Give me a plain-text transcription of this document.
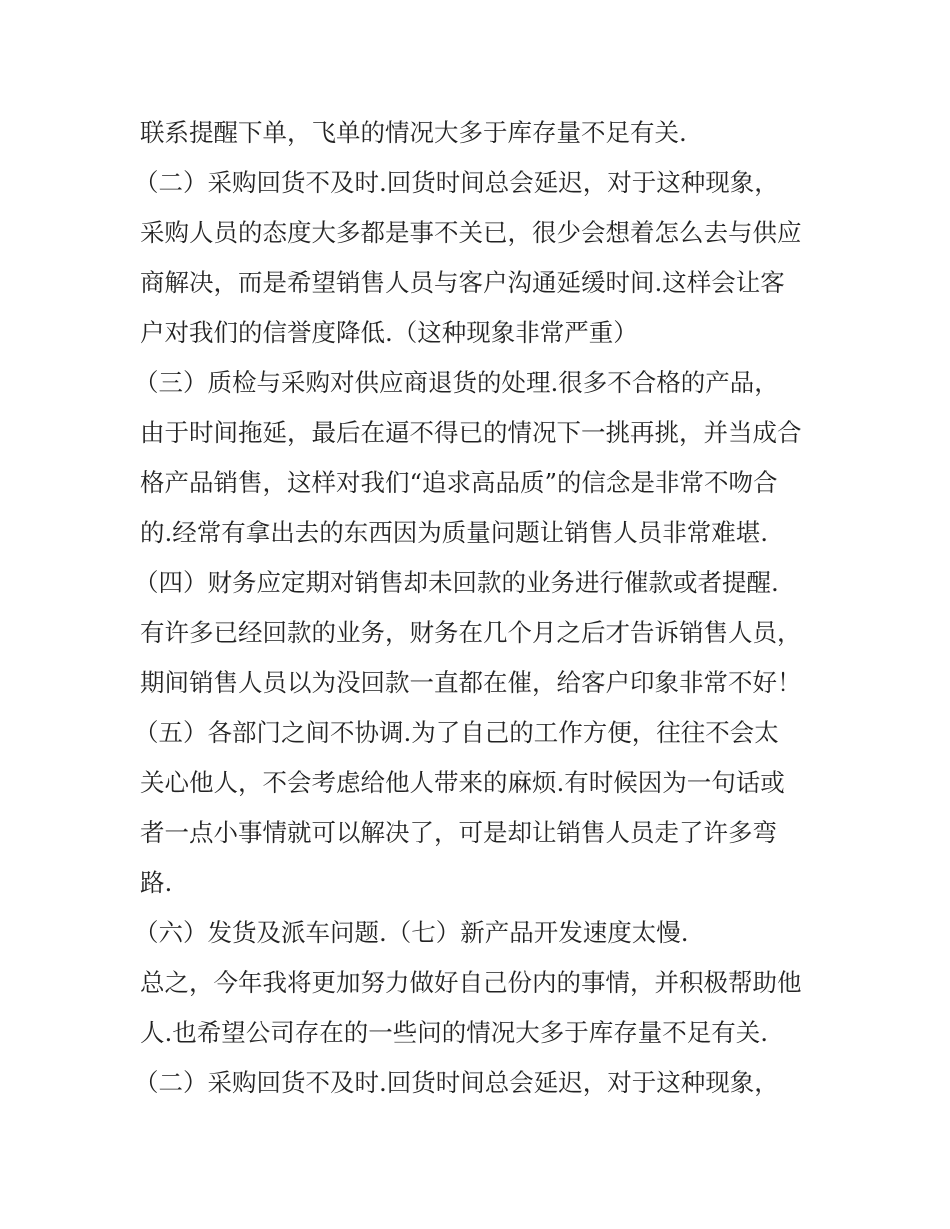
联系提醒下单，飞单的情况大多于库存量不足有关.
（二）采购回货不及时.回货时间总会延迟，对于这种现象，
采购人员的态度大多都是事不关已，很少会想着怎么去与供应
商解决，而是希望销售人员与客户沟通延缓时间.这样会让客
户对我们的信誉度降低.（这种现象非常严重）
（三）质检与采购对供应商退货的处理.很多不合格的产品，
由于时间拖延，最后在逼不得已的情况下一挑再挑，并当成合
格产品销售，这样对我们“追求高品质”的信念是非常不吻合
的.经常有拿出去的东西因为质量问题让销售人员非常难堪.
（四）财务应定期对销售却未回款的业务进行催款或者提醒.
有许多已经回款的业务，财务在几个月之后才告诉销售人员，
期间销售人员以为没回款一直都在催，给客户印象非常不好！
（五）各部门之间不协调.为了自己的工作方便，往往不会太
关心他人，不会考虑给他人带来的麻烦.有时候因为一句话或
者一点小事情就可以解决了，可是却让销售人员走了许多弯
路.
（六）发货及派车问题.（七）新产品开发速度太慢.
总之，今年我将更加努力做好自己份内的事情，并积极帮助他
人.也希望公司存在的一些问的情况大多于库存量不足有关.
（二）采购回货不及时.回货时间总会延迟，对于这种现象，
